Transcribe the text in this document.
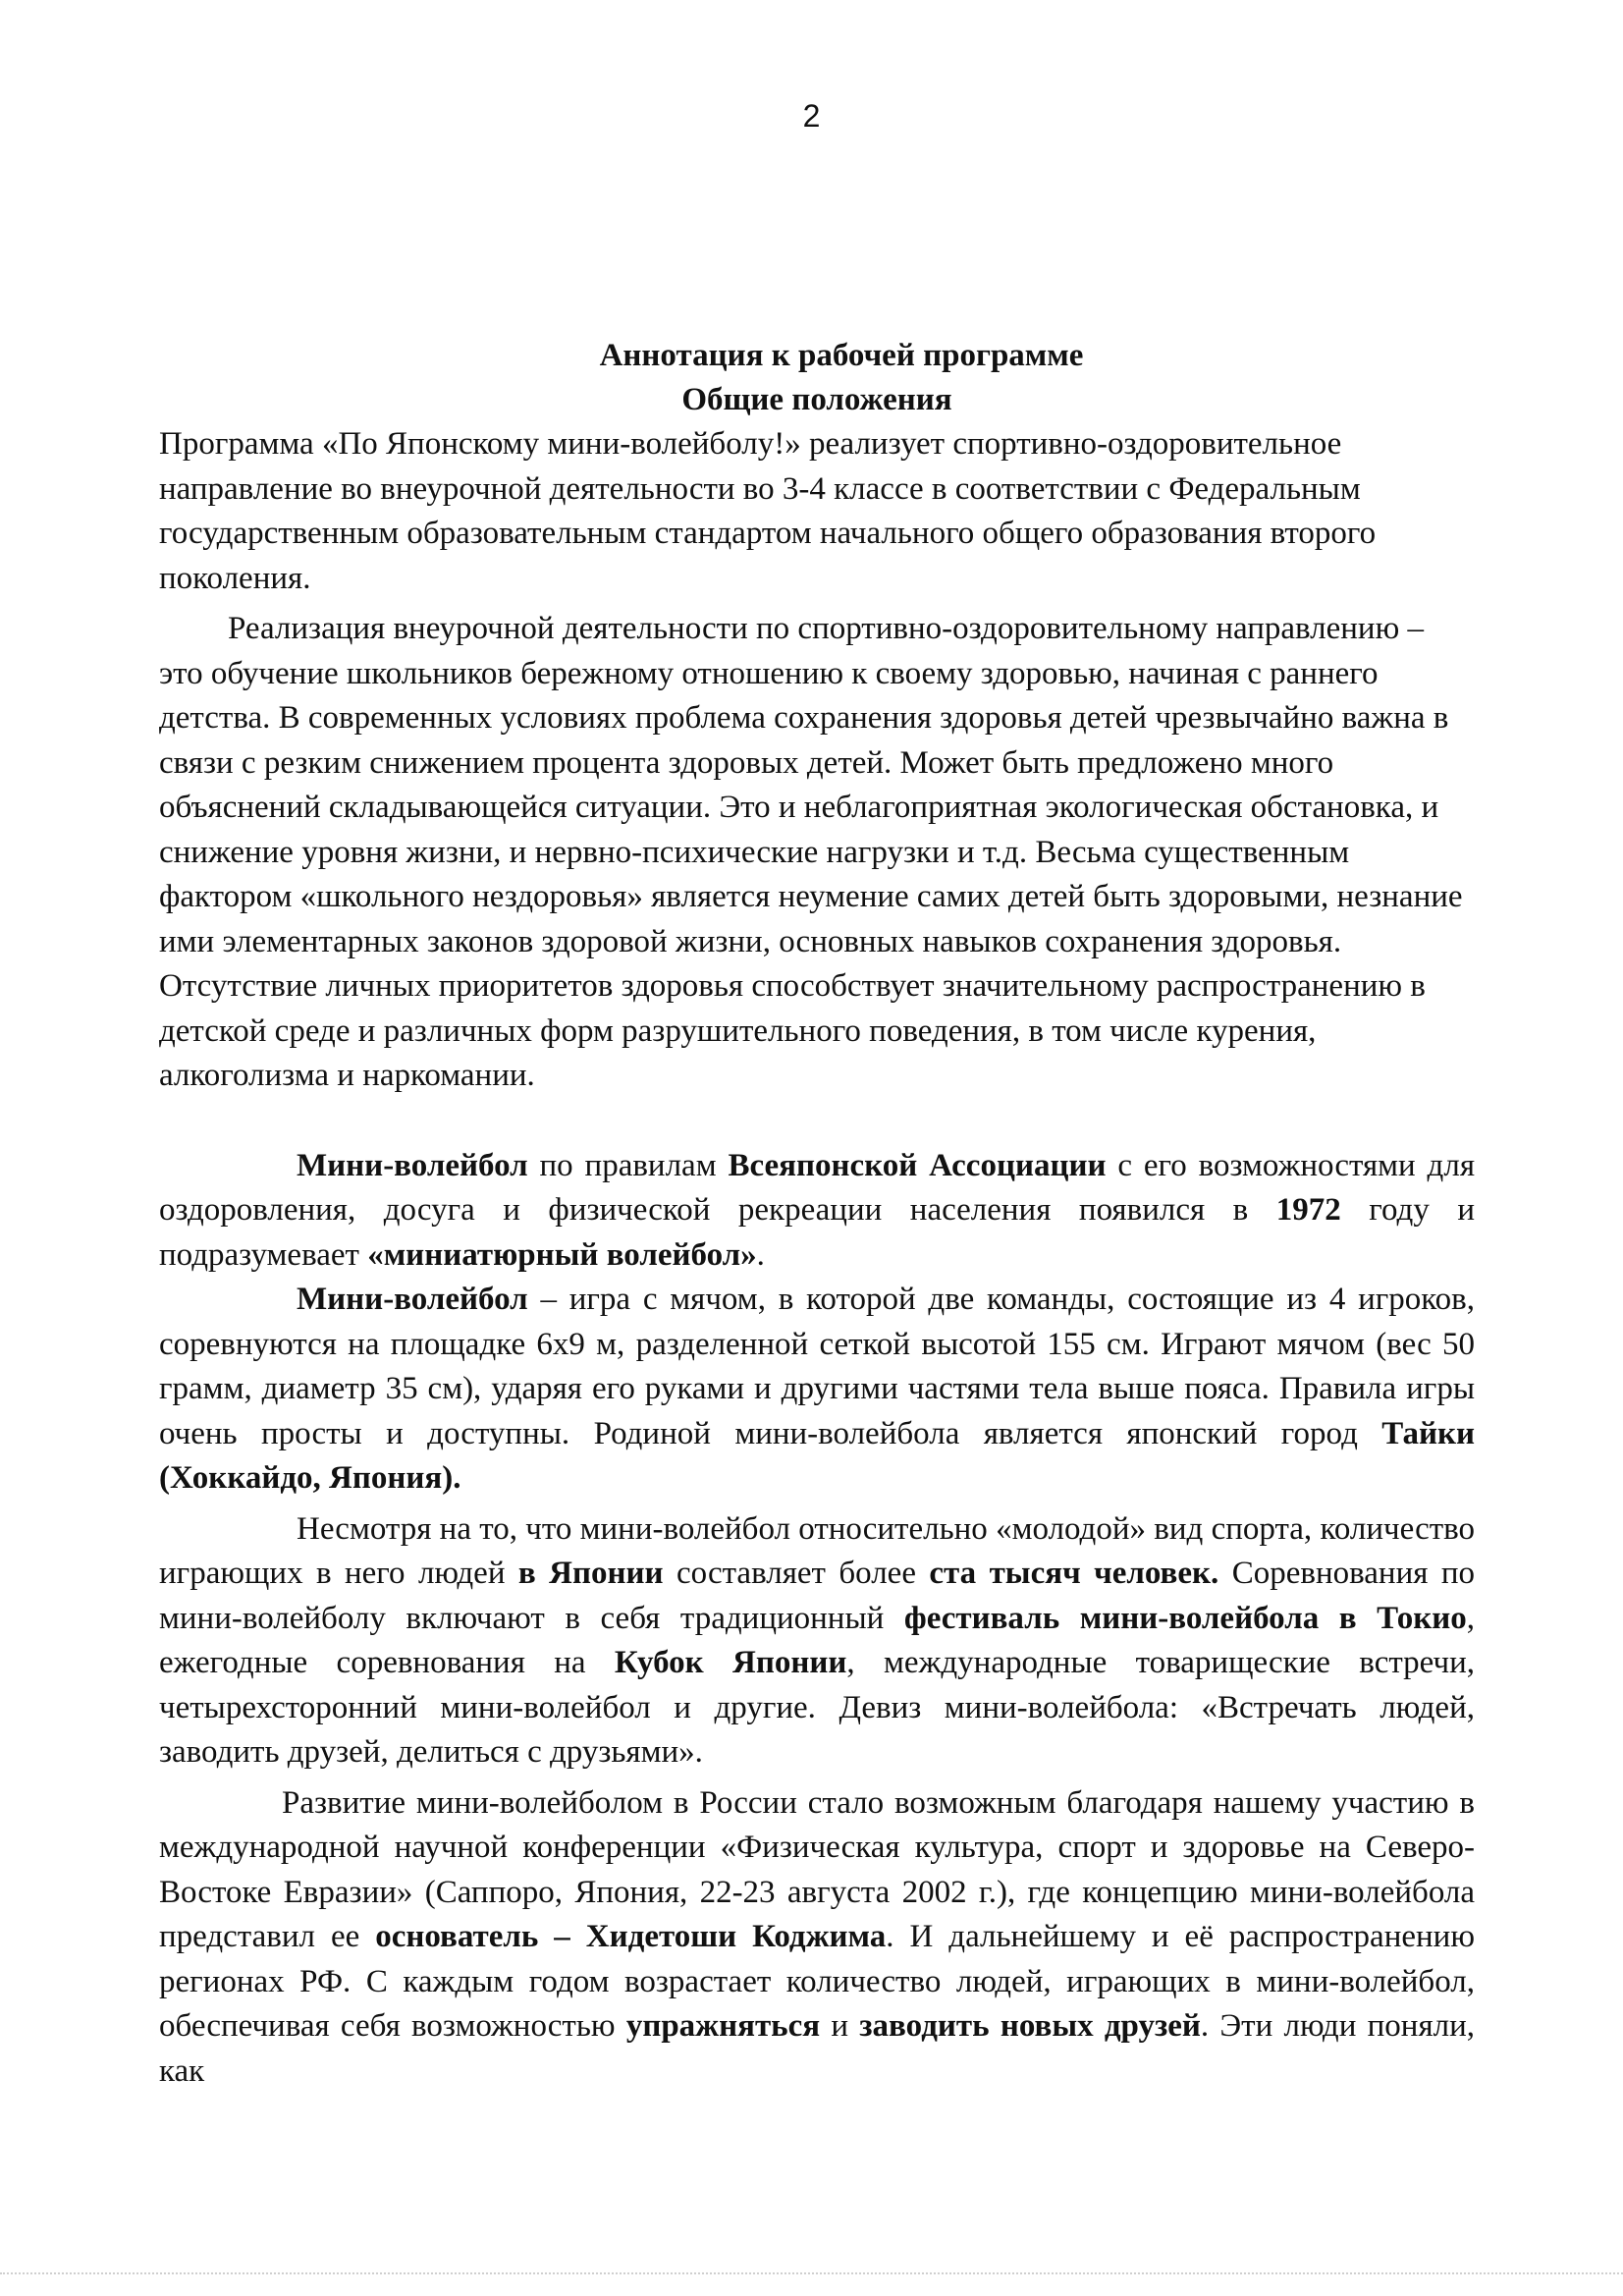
2
Аннотация к рабочей программе
Общие положения

Программа «По Японскому мини-волейболу!» реализует спортивно-оздоровительное направление во внеурочной деятельности во 3-4 классе в соответствии с Федеральным государственным образовательным стандартом начального общего образования второго поколения.

Реализация внеурочной деятельности по спортивно-оздоровительному направлению – это обучение школьников бережному отношению к своему здоровью, начиная с раннего детства. В современных условиях проблема сохранения здоровья детей чрезвычайно важна в связи с резким снижением процента здоровых детей. Может быть предложено много объяснений складывающейся ситуации. Это и неблагоприятная экологическая обстановка, и снижение уровня жизни, и нервно-психические нагрузки и т.д. Весьма существенным фактором «школьного нездоровья» является неумение самих детей быть здоровыми, незнание ими элементарных законов здоровой жизни, основных навыков сохранения здоровья. Отсутствие личных приоритетов здоровья способствует значительному распространению в детской среде и различных форм разрушительного поведения, в том числе курения, алкоголизма и наркомании.

Мини-волейбол по правилам Всеяпонской Ассоциации с его возможностями для оздоровления, досуга и физической рекреации населения появился в 1972 году и подразумевает «миниатюрный волейбол».

Мини-волейбол – игра с мячом, в которой две команды, состоящие из 4 игроков, соревнуются на площадке 6х9 м, разделенной сеткой высотой 155 см. Играют мячом (вес 50 грамм, диаметр 35 см), ударяя его руками и другими частями тела выше пояса. Правила игры очень просты и доступны. Родиной мини-волейбола является японский город Тайки (Хоккайдо, Япония).

Несмотря на то, что мини-волейбол относительно «молодой» вид спорта, количество играющих в него людей в Японии составляет более ста тысяч человек. Соревнования по мини-волейболу включают в себя традиционный фестиваль мини-волейбола в Токио, ежегодные соревнования на Кубок Японии, международные товарищеские встречи, четырехсторонний мини-волейбол и другие. Девиз мини-волейбола: «Встречать людей, заводить друзей, делиться с друзьями».

Развитие мини-волейболом в России стало возможным благодаря нашему участию в международной научной конференции «Физическая культура, спорт и здоровье на Северо-Востоке Евразии» (Саппоро, Япония, 22-23 августа 2002 г.), где концепцию мини-волейбола представил ее основатель – Хидетоши Коджима. И дальнейшему и её распространению регионах РФ. С каждым годом возрастает количество людей, играющих в мини-волейбол, обеспечивая себя возможностью упражняться и заводить новых друзей. Эти люди поняли, как
